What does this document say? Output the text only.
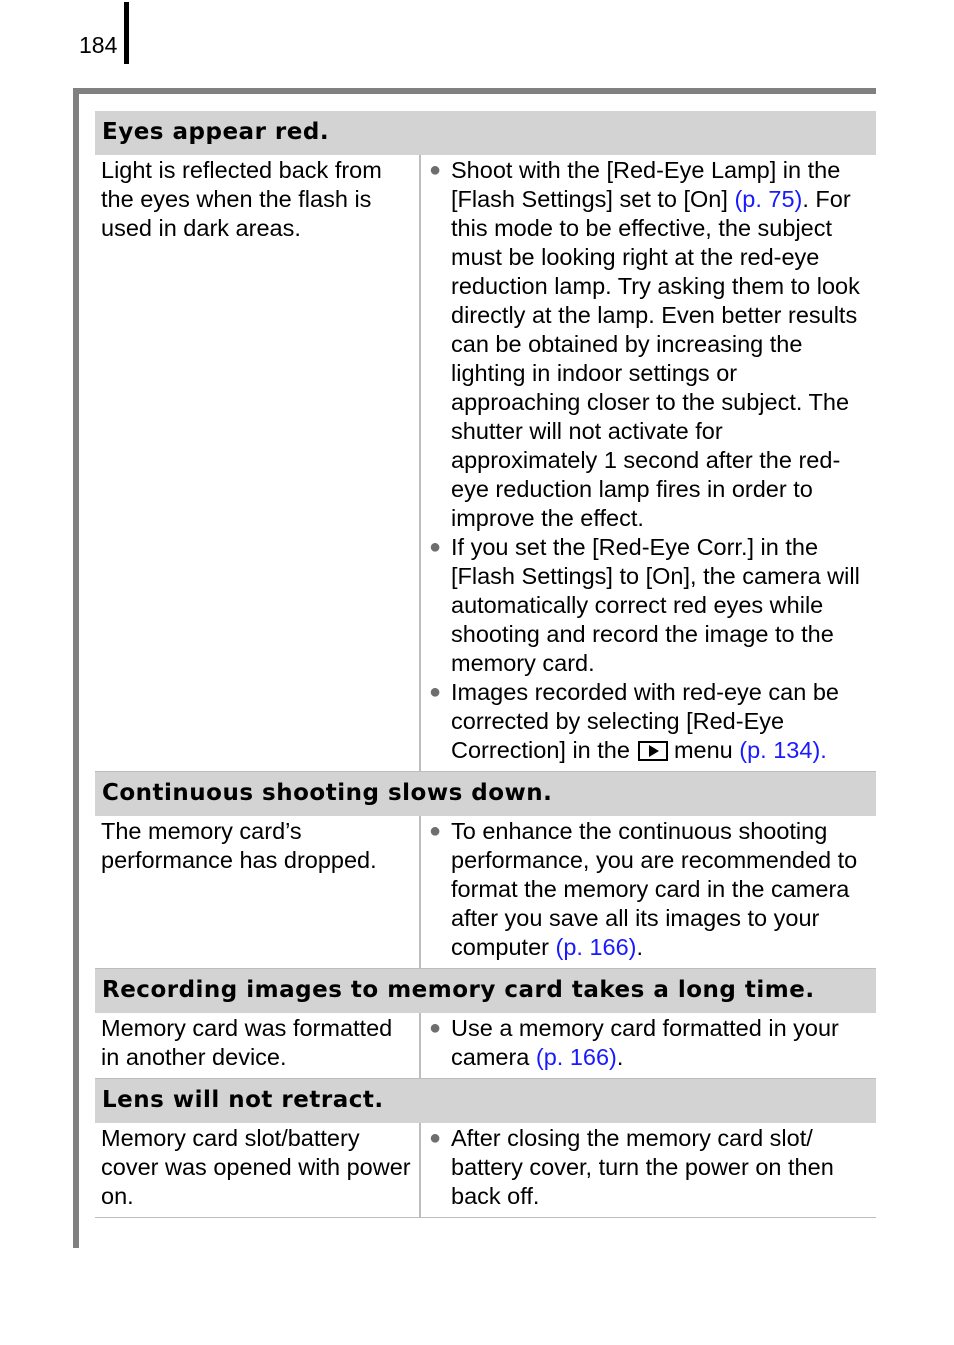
184
Eyes appear red.
Light is reflected back from the eyes when the flash is used in dark areas.
● Shoot with the [Red-Eye Lamp] in the [Flash Settings] set to [On] (p. 75). For this mode to be effective, the subject must be looking right at the red-eye reduction lamp. Try asking them to look directly at the lamp. Even better results can be obtained by increasing the lighting in indoor settings or approaching closer to the subject. The shutter will not activate for approximately 1 second after the red-eye reduction lamp fires in order to improve the effect.
● If you set the [Red-Eye Corr.] in the [Flash Settings] to [On], the camera will automatically correct red eyes while shooting and record the image to the memory card.
● Images recorded with red-eye can be corrected by selecting [Red-Eye Correction] in the menu (p. 134).
Continuous shooting slows down.
The memory card’s performance has dropped.
● To enhance the continuous shooting performance, you are recommended to format the memory card in the camera after you save all its images to your computer (p. 166).
Recording images to memory card takes a long time.
Memory card was formatted in another device.
● Use a memory card formatted in your camera (p. 166).
Lens will not retract.
Memory card slot/battery cover was opened with power on.
● After closing the memory card slot/ battery cover, turn the power on then back off.
